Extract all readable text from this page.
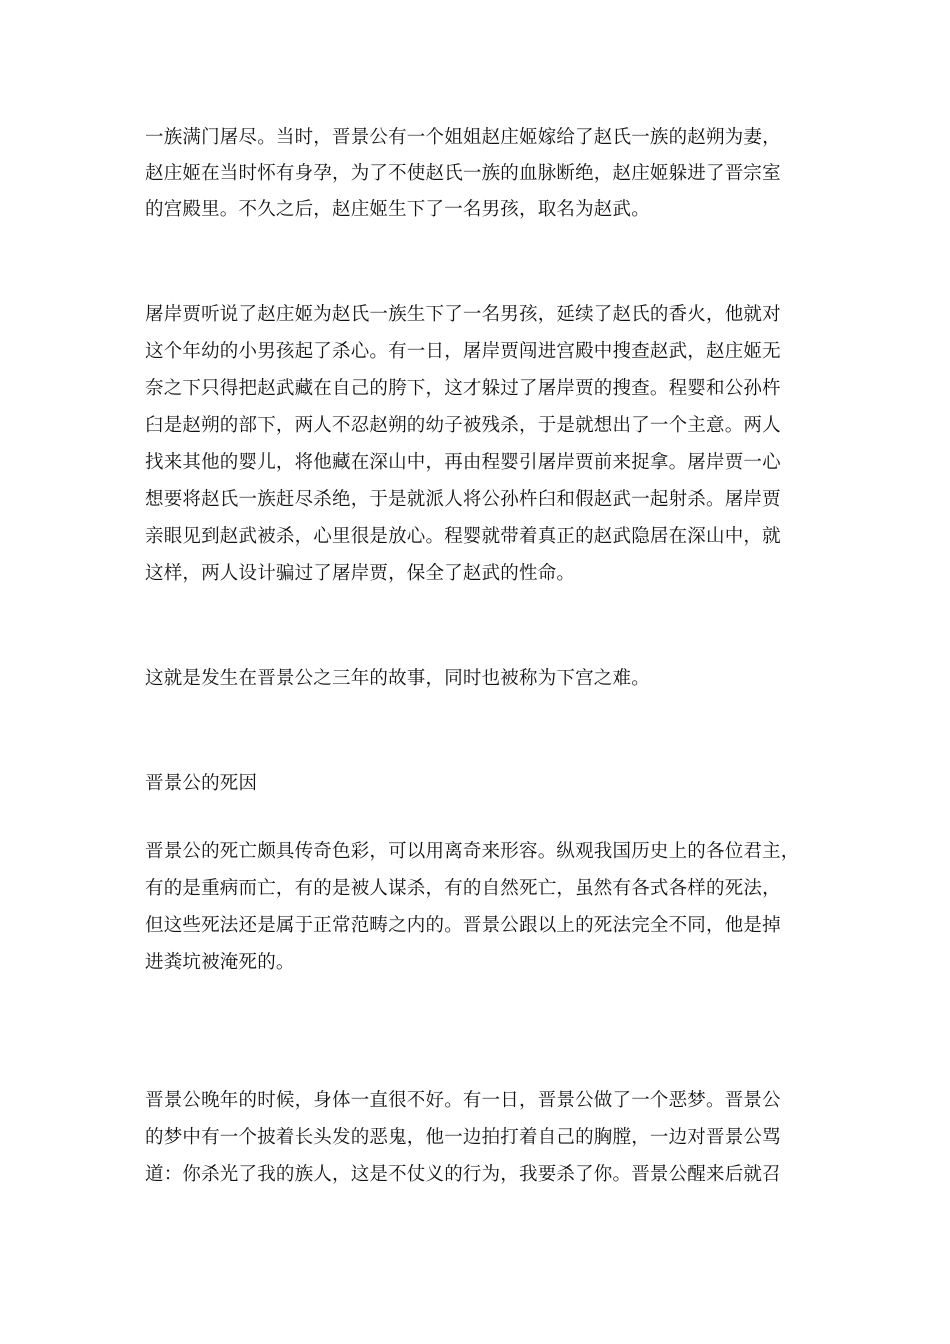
一族满门屠尽。当时，晋景公有一个姐姐赵庄姬嫁给了赵氏一族的赵朔为妻，
赵庄姬在当时怀有身孕，为了不使赵氏一族的血脉断绝，赵庄姬躲进了晋宗室
的宫殿里。不久之后，赵庄姬生下了一名男孩，取名为赵武。
屠岸贾听说了赵庄姬为赵氏一族生下了一名男孩，延续了赵氏的香火，他就对
这个年幼的小男孩起了杀心。有一日，屠岸贾闯进宫殿中搜查赵武，赵庄姬无
奈之下只得把赵武藏在自己的胯下，这才躲过了屠岸贾的搜查。程婴和公孙杵
臼是赵朔的部下，两人不忍赵朔的幼子被残杀，于是就想出了一个主意。两人
找来其他的婴儿，将他藏在深山中，再由程婴引屠岸贾前来捉拿。屠岸贾一心
想要将赵氏一族赶尽杀绝，于是就派人将公孙杵臼和假赵武一起射杀。屠岸贾
亲眼见到赵武被杀，心里很是放心。程婴就带着真正的赵武隐居在深山中，就
这样，两人设计骗过了屠岸贾，保全了赵武的性命。
这就是发生在晋景公之三年的故事，同时也被称为下宫之难。
晋景公的死因
晋景公的死亡颇具传奇色彩，可以用离奇来形容。纵观我国历史上的各位君主，
有的是重病而亡，有的是被人谋杀，有的自然死亡，虽然有各式各样的死法，
但这些死法还是属于正常范畴之内的。晋景公跟以上的死法完全不同，他是掉
进粪坑被淹死的。
晋景公晚年的时候，身体一直很不好。有一日，晋景公做了一个恶梦。晋景公
的梦中有一个披着长头发的恶鬼，他一边拍打着自己的胸膛，一边对晋景公骂
道：你杀光了我的族人，这是不仗义的行为，我要杀了你。晋景公醒来后就召
